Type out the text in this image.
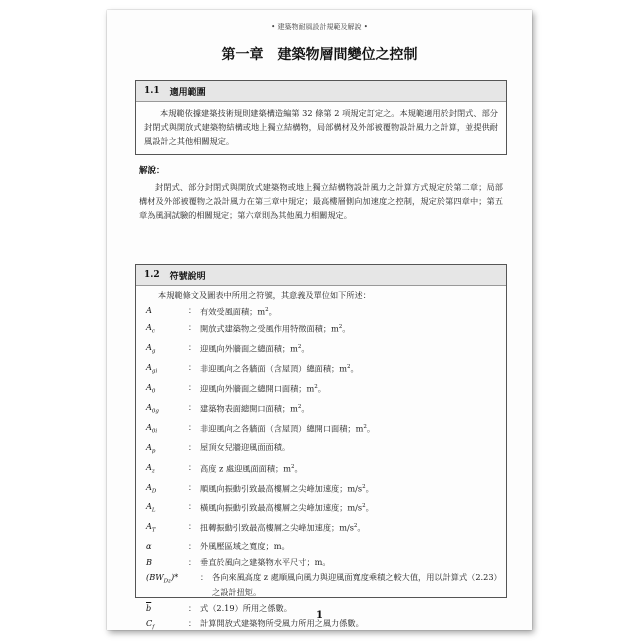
• 建築物耐風設計規範及解說 •
第一章　建築物層間變位之控制
1.1 適用範圍

本規範依據建築技術規則建築構造編第 32 條第 2 項規定訂定之。本規範適用於封閉式、部分封閉式與開放式建築物結構或地上獨立結構物，局部構材及外部被覆物設計風力之計算，並提供耐風設計之其他相關規定。

解說：

封閉式、部分封閉式與開放式建築物或地上獨立結構物設計風力之計算方式規定於第二章；局部構材及外部被覆物之設計風力在第三章中規定；最高樓層側向加速度之控制，規定於第四章中；第五章為風洞試驗的相關規定；第六章則為其他風力相關規定。

1.2 符號說明

本規範條文及圖表中所用之符號，其意義及單位如下所述：

A	： 有效受風面積；$m^2$。
$A_c$	： 開放式建築物之受風作用特徵面積；$m^2$。
$A_g$	： 迎風向外牆面之總面積；$m^2$。
$A_{gi}$	： 非迎風向之各牆面（含屋頂）總面積；$m^2$。
$A_0$	： 迎風向外牆面之總開口面積；$m^2$。
$A_{0g}$	： 建築物表面總開口面積；$m^2$。
$A_{0i}$	： 非迎風向之各牆面（含屋頂）總開口面積；$m^2$。
$A_p$	： 屋頂女兒牆迎風面面積。
$A_z$	： 高度 z 處迎風面面積；$m^2$。
$A_D$	： 順風向振動引致最高樓層之尖峰加速度；$m/s^2$。
$A_L$	： 橫風向振動引致最高樓層之尖峰加速度；$m/s^2$。
$A_T$	： 扭轉振動引致最高樓層之尖峰加速度；$m/s^2$。
α	： 外風壓區域之寬度；m。
B	： 垂直於風向之建築物水平尺寸；m。
$(BW_{Dz})*$	： 各向來風高度 z 處順風向風力與迎風面寬度乘積之較大值，用以計算式（2.23）之設計扭矩。
$\overline{b}$	： 式（2.19）所用之係數。
$C_f$	： 計算開放式建築物所受風力所用之風力係數。
1
